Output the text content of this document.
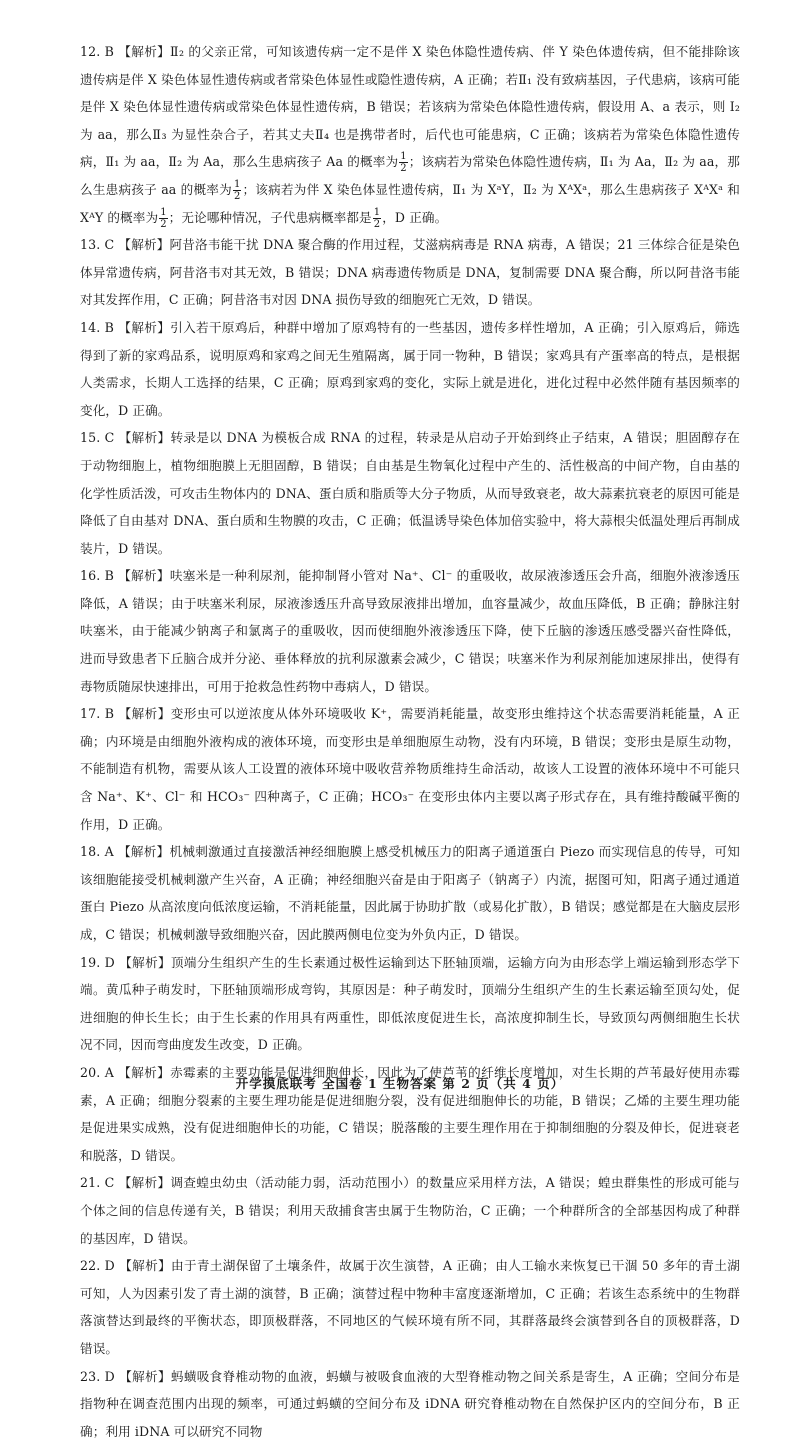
12. B 【解析】Ⅱ₂ 的父亲正常，可知该遗传病一定不是伴 X 染色体隐性遗传病、伴 Y 染色体遗传病，但不能排除该遗传病是伴 X 染色体显性遗传病或者常染色体显性或隐性遗传病，A 正确；若Ⅱ₁ 没有致病基因，子代患病，该病可能是伴 X 染色体显性遗传病或常染色体显性遗传病，B 错误；若该病为常染色体隐性遗传病，假设用 A、a 表示，则 I₂ 为 aa，那么Ⅱ₃ 为显性杂合子，若其丈夫Ⅱ₄ 也是携带者时，后代也可能患病，C 正确；该病若为常染色体隐性遗传病，Ⅱ₁ 为 aa，Ⅱ₂ 为 Aa，那么生患病孩子 Aa 的概率为 $\frac{1}{2}$ ；该病若为常染色体隐性遗传病，Ⅱ₁ 为 Aa，Ⅱ₂ 为 aa，那么生患病孩子 aa 的概率为 $\frac{1}{2}$ ；该病若为伴 X 染色体显性遗传病，Ⅱ₁ 为 XᵃY，Ⅱ₂ 为 XᴬXᵃ，那么生患病孩子 XᴬXᵃ 和 XᴬY 的概率为 $\frac{1}{2}$ ；无论哪种情况，子代患病概率都是 $\frac{1}{2}$ ，D 正确。

13. C 【解析】阿昔洛韦能干扰 DNA 聚合酶的作用过程，艾滋病病毒是 RNA 病毒，A 错误；21 三体综合征是染色体异常遗传病，阿昔洛韦对其无效，B 错误；DNA 病毒遗传物质是 DNA，复制需要 DNA 聚合酶，所以阿昔洛韦能对其发挥作用，C 正确；阿昔洛韦对因 DNA 损伤导致的细胞死亡无效，D 错误。

14. B 【解析】引入若干原鸡后，种群中增加了原鸡特有的一些基因，遗传多样性增加，A 正确；引入原鸡后，筛选得到了新的家鸡品系，说明原鸡和家鸡之间无生殖隔离，属于同一物种，B 错误；家鸡具有产蛋率高的特点，是根据人类需求，长期人工选择的结果，C 正确；原鸡到家鸡的变化，实际上就是进化，进化过程中必然伴随有基因频率的变化，D 正确。

15. C 【解析】转录是以 DNA 为模板合成 RNA 的过程，转录是从启动子开始到终止子结束，A 错误；胆固醇存在于动物细胞上，植物细胞膜上无胆固醇，B 错误；自由基是生物氧化过程中产生的、活性极高的中间产物，自由基的化学性质活泼，可攻击生物体内的 DNA、蛋白质和脂质等大分子物质，从而导致衰老，故大蒜素抗衰老的原因可能是降低了自由基对 DNA、蛋白质和生物膜的攻击，C 正确；低温诱导染色体加倍实验中，将大蒜根尖低温处理后再制成装片，D 错误。

16. B 【解析】呋塞米是一种利尿剂，能抑制肾小管对 Na⁺、Cl⁻ 的重吸收，故尿液渗透压会升高，细胞外液渗透压降低，A 错误；由于呋塞米利尿，尿液渗透压升高导致尿液排出增加，血容量减少，故血压降低，B 正确；静脉注射呋塞米，由于能减少钠离子和氯离子的重吸收，因而使细胞外液渗透压下降，使下丘脑的渗透压感受器兴奋性降低，进而导致患者下丘脑合成并分泌、垂体释放的抗利尿激素会减少，C 错误；呋塞米作为利尿剂能加速尿排出，使得有毒物质随尿快速排出，可用于抢救急性药物中毒病人，D 错误。

17. B 【解析】变形虫可以逆浓度从体外环境吸收 K⁺，需要消耗能量，故变形虫维持这个状态需要消耗能量，A 正确；内环境是由细胞外液构成的液体环境，而变形虫是单细胞原生动物，没有内环境，B 错误；变形虫是原生动物，不能制造有机物，需要从该人工设置的液体环境中吸收营养物质维持生命活动，故该人工设置的液体环境中不可能只含 Na⁺、K⁺、Cl⁻ 和 HCO₃⁻ 四种离子，C 正确；HCO₃⁻ 在变形虫体内主要以离子形式存在，具有维持酸碱平衡的作用，D 正确。

18. A 【解析】机械刺激通过直接激活神经细胞膜上感受机械压力的阳离子通道蛋白 Piezo 而实现信息的传导，可知该细胞能接受机械刺激产生兴奋，A 正确；神经细胞兴奋是由于阳离子（钠离子）内流，据图可知，阳离子通过通道蛋白 Piezo 从高浓度向低浓度运输，不消耗能量，因此属于协助扩散（或易化扩散），B 错误；感觉都是在大脑皮层形成，C 错误；机械刺激导致细胞兴奋，因此膜两侧电位变为外负内正，D 错误。

19. D 【解析】顶端分生组织产生的生长素通过极性运输到达下胚轴顶端，运输方向为由形态学上端运输到形态学下端。黄瓜种子萌发时，下胚轴顶端形成弯钩，其原因是：种子萌发时，顶端分生组织产生的生长素运输至顶勾处，促进细胞的伸长生长；由于生长素的作用具有两重性，即低浓度促进生长，高浓度抑制生长，导致顶勾两侧细胞生长状况不同，因而弯曲度发生改变，D 正确。

20. A 【解析】赤霉素的主要功能是促进细胞伸长，因此为了使芦苇的纤维长度增加，对生长期的芦苇最好使用赤霉素，A 正确；细胞分裂素的主要生理功能是促进细胞分裂，没有促进细胞伸长的功能，B 错误；乙烯的主要生理功能是促进果实成熟，没有促进细胞伸长的功能，C 错误；脱落酸的主要生理作用在于抑制细胞的分裂及伸长，促进衰老和脱落，D 错误。

21. C 【解析】调查蝗虫幼虫（活动能力弱，活动范围小）的数量应采用样方法，A 错误；蝗虫群集性的形成可能与个体之间的信息传递有关，B 错误；利用天敌捕食害虫属于生物防治，C 正确；一个种群所含的全部基因构成了种群的基因库，D 错误。

22. D 【解析】由于青土湖保留了土壤条件，故属于次生演替，A 正确；由人工输水来恢复已干涸 50 多年的青土湖可知，人为因素引发了青土湖的演替，B 正确；演替过程中物种丰富度逐渐增加，C 正确；若该生态系统中的生物群落演替达到最终的平衡状态，即顶极群落，不同地区的气候环境有所不同，其群落最终会演替到各自的顶极群落，D 错误。

23. D 【解析】蚂蟥吸食脊椎动物的血液，蚂蟥与被吸食血液的大型脊椎动物之间关系是寄生，A 正确；空间分布是指物种在调查范围内出现的频率，可通过蚂蟥的空间分布及 iDNA 研究脊椎动物在自然保护区内的空间分布，B 正确；利用 iDNA 可以研究不同物

开学摸底联考 全国卷 1 生物答案 第 2 页（共 4 页）
